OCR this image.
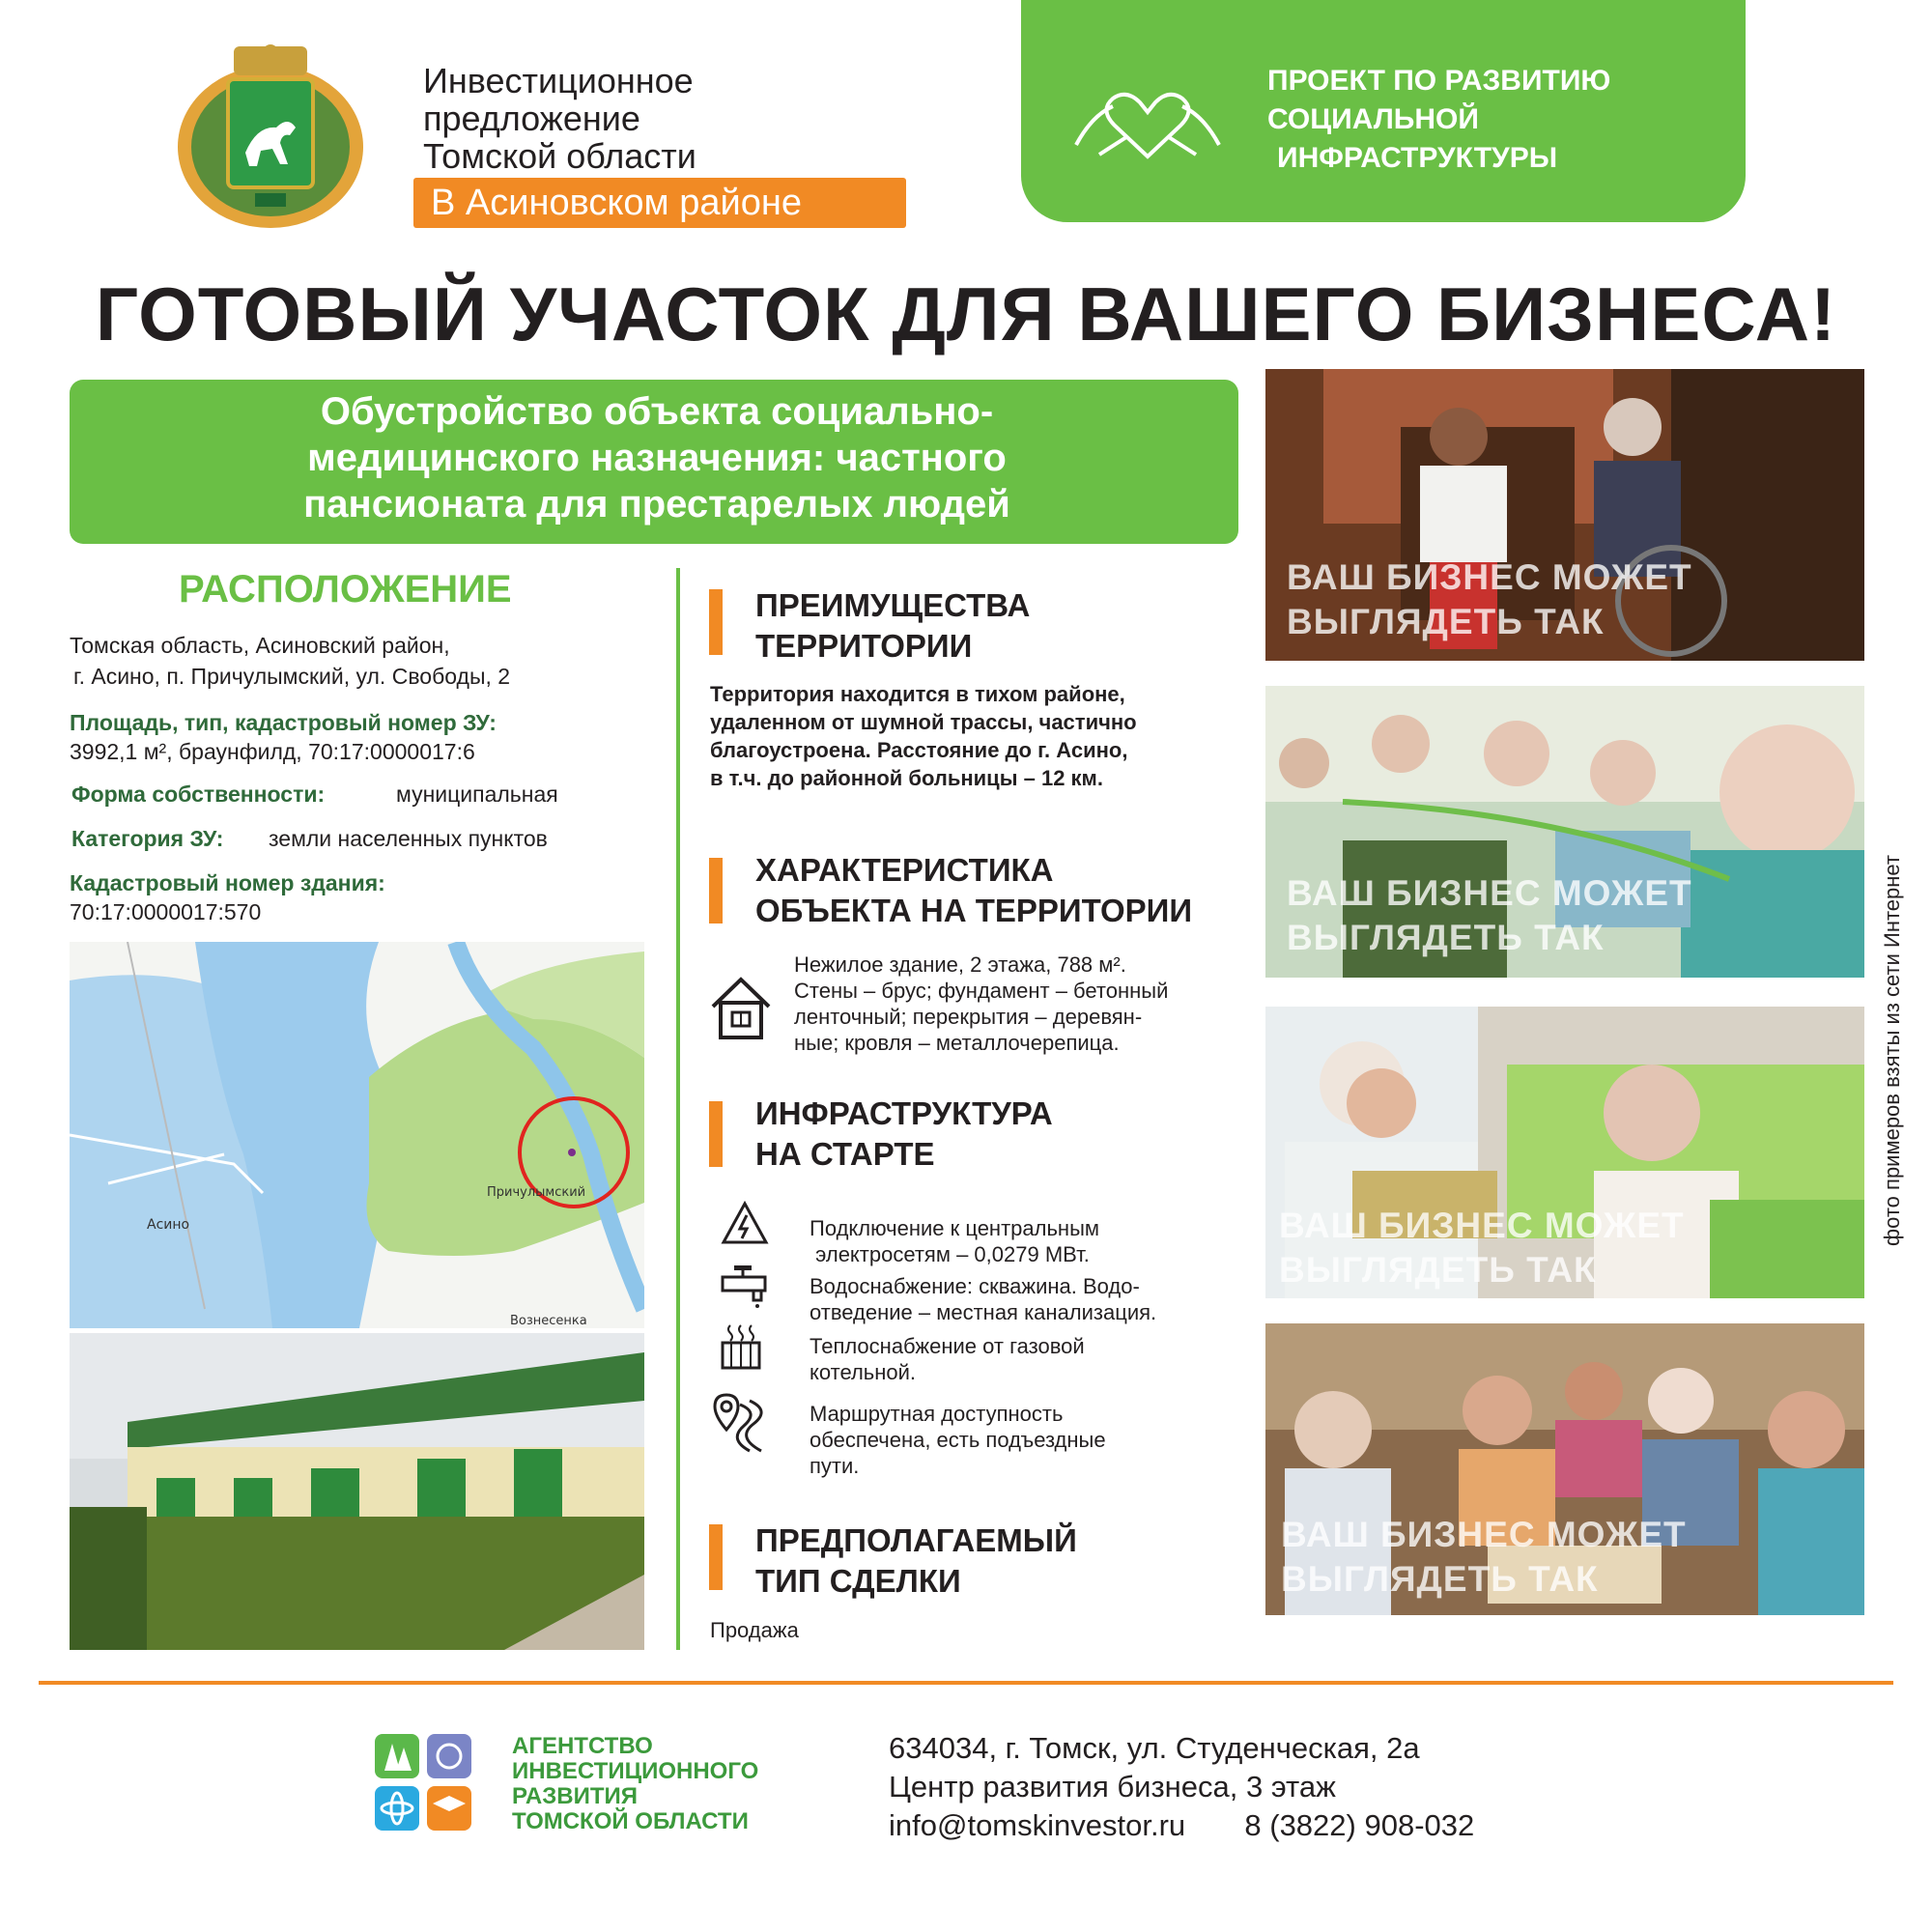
Инвестиционное
предложение
Томской области
В Асиновском районе
ПРОЕКТ ПО РАЗВИТИЮ
СОЦИАЛЬНОЙ
ИНФРАСТРУКТУРЫ
ГОТОВЫЙ УЧАСТОК ДЛЯ ВАШЕГО БИЗНЕСА!
Обустройство объекта социально-
медицинского назначения: частного
пансионата для престарелых людей
РАСПОЛОЖЕНИЕ
Томская область, Асиновский район,
г. Асино, п. Причулымский, ул. Свободы, 2
Площадь, тип, кадастровый номер ЗУ:
3992,1 м², браунфилд, 70:17:0000017:6
Форма собственности:	муниципальная
Категория ЗУ: земли населенных пунктов
Кадастровый номер здания:
70:17:0000017:570
Асино
Причулымский
Вознесенка
ПРЕИМУЩЕСТВА
ТЕРРИТОРИИ
Территория находится в тихом районе,
удаленном от шумной трассы, частично
благоустроена. Расстояние до г. Асино,
в т.ч. до районной больницы – 12 км.
ХАРАКТЕРИСТИКА
ОБЪЕКТА НА ТЕРРИТОРИИ
Нежилое здание, 2 этажа, 788 м².
Стены – брус; фундамент – бетонный
ленточный; перекрытия – деревян-
ные; кровля – металлочерепица.
ИНФРАСТРУКТУРА
НА СТАРТЕ
Подключение к центральным
электросетям – 0,0279 МВт.
Водоснабжение: скважина. Водо-
отведение – местная канализация.
Теплоснабжение от газовой
котельной.
Маршрутная доступность
обеспечена, есть подъездные
пути.
ПРЕДПОЛАГАЕМЫЙ
ТИП СДЕЛКИ
Продажа
ВАШ БИЗНЕС МОЖЕТ
ВЫГЛЯДЕТЬ ТАК
ВАШ БИЗНЕС МОЖЕТ
ВЫГЛЯДЕТЬ ТАК
ВАШ БИЗНЕС МОЖЕТ
ВЫГЛЯДЕТЬ ТАК
ВАШ БИЗНЕС МОЖЕТ
ВЫГЛЯДЕТЬ ТАК
фото примеров взяты из сети Интернет
АГЕНТСТВО
ИНВЕСТИЦИОННОГО
РАЗВИТИЯ
ТОМСКОЙ ОБЛАСТИ
634034, г. Томск, ул. Студенческая, 2а
Центр развития бизнеса, 3 этаж
info@tomskinvestor.ru 8 (3822) 908-032
